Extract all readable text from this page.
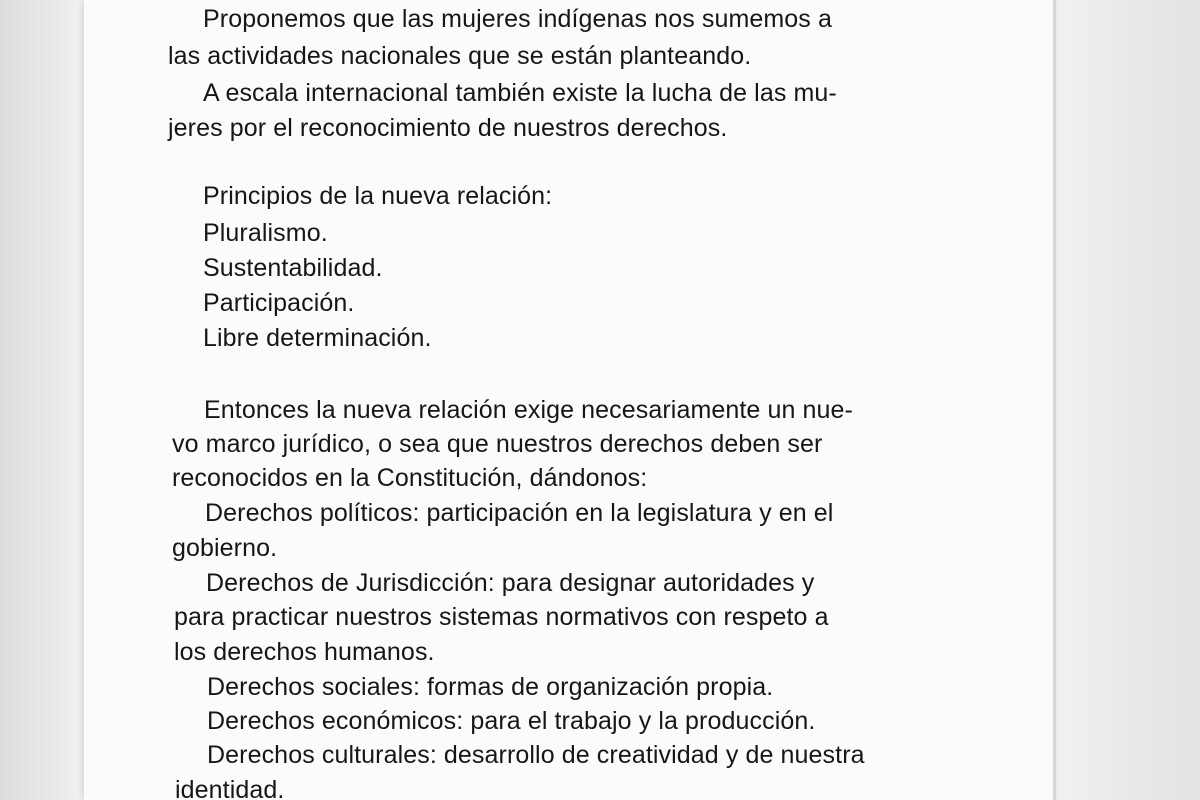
Proponemos que las mujeres indígenas nos sumemos a

las actividades nacionales que se están planteando.

A escala internacional también existe la lucha de las mu-

jeres por el reconocimiento de nuestros derechos.

Principios de la nueva relación:

Pluralismo.

Sustentabilidad.

Participación.

Libre determinación.

Entonces la nueva relación exige necesariamente un nue-

vo marco jurídico, o sea que nuestros derechos deben ser

reconocidos en la Constitución, dándonos:

Derechos políticos: participación en la legislatura y en el

gobierno.

Derechos de Jurisdicción: para designar autoridades y

para practicar nuestros sistemas normativos con respeto a

los derechos humanos.

Derechos sociales: formas de organización propia.

Derechos económicos: para el trabajo y la producción.

Derechos culturales: desarrollo de creatividad y de nuestra

identidad.
